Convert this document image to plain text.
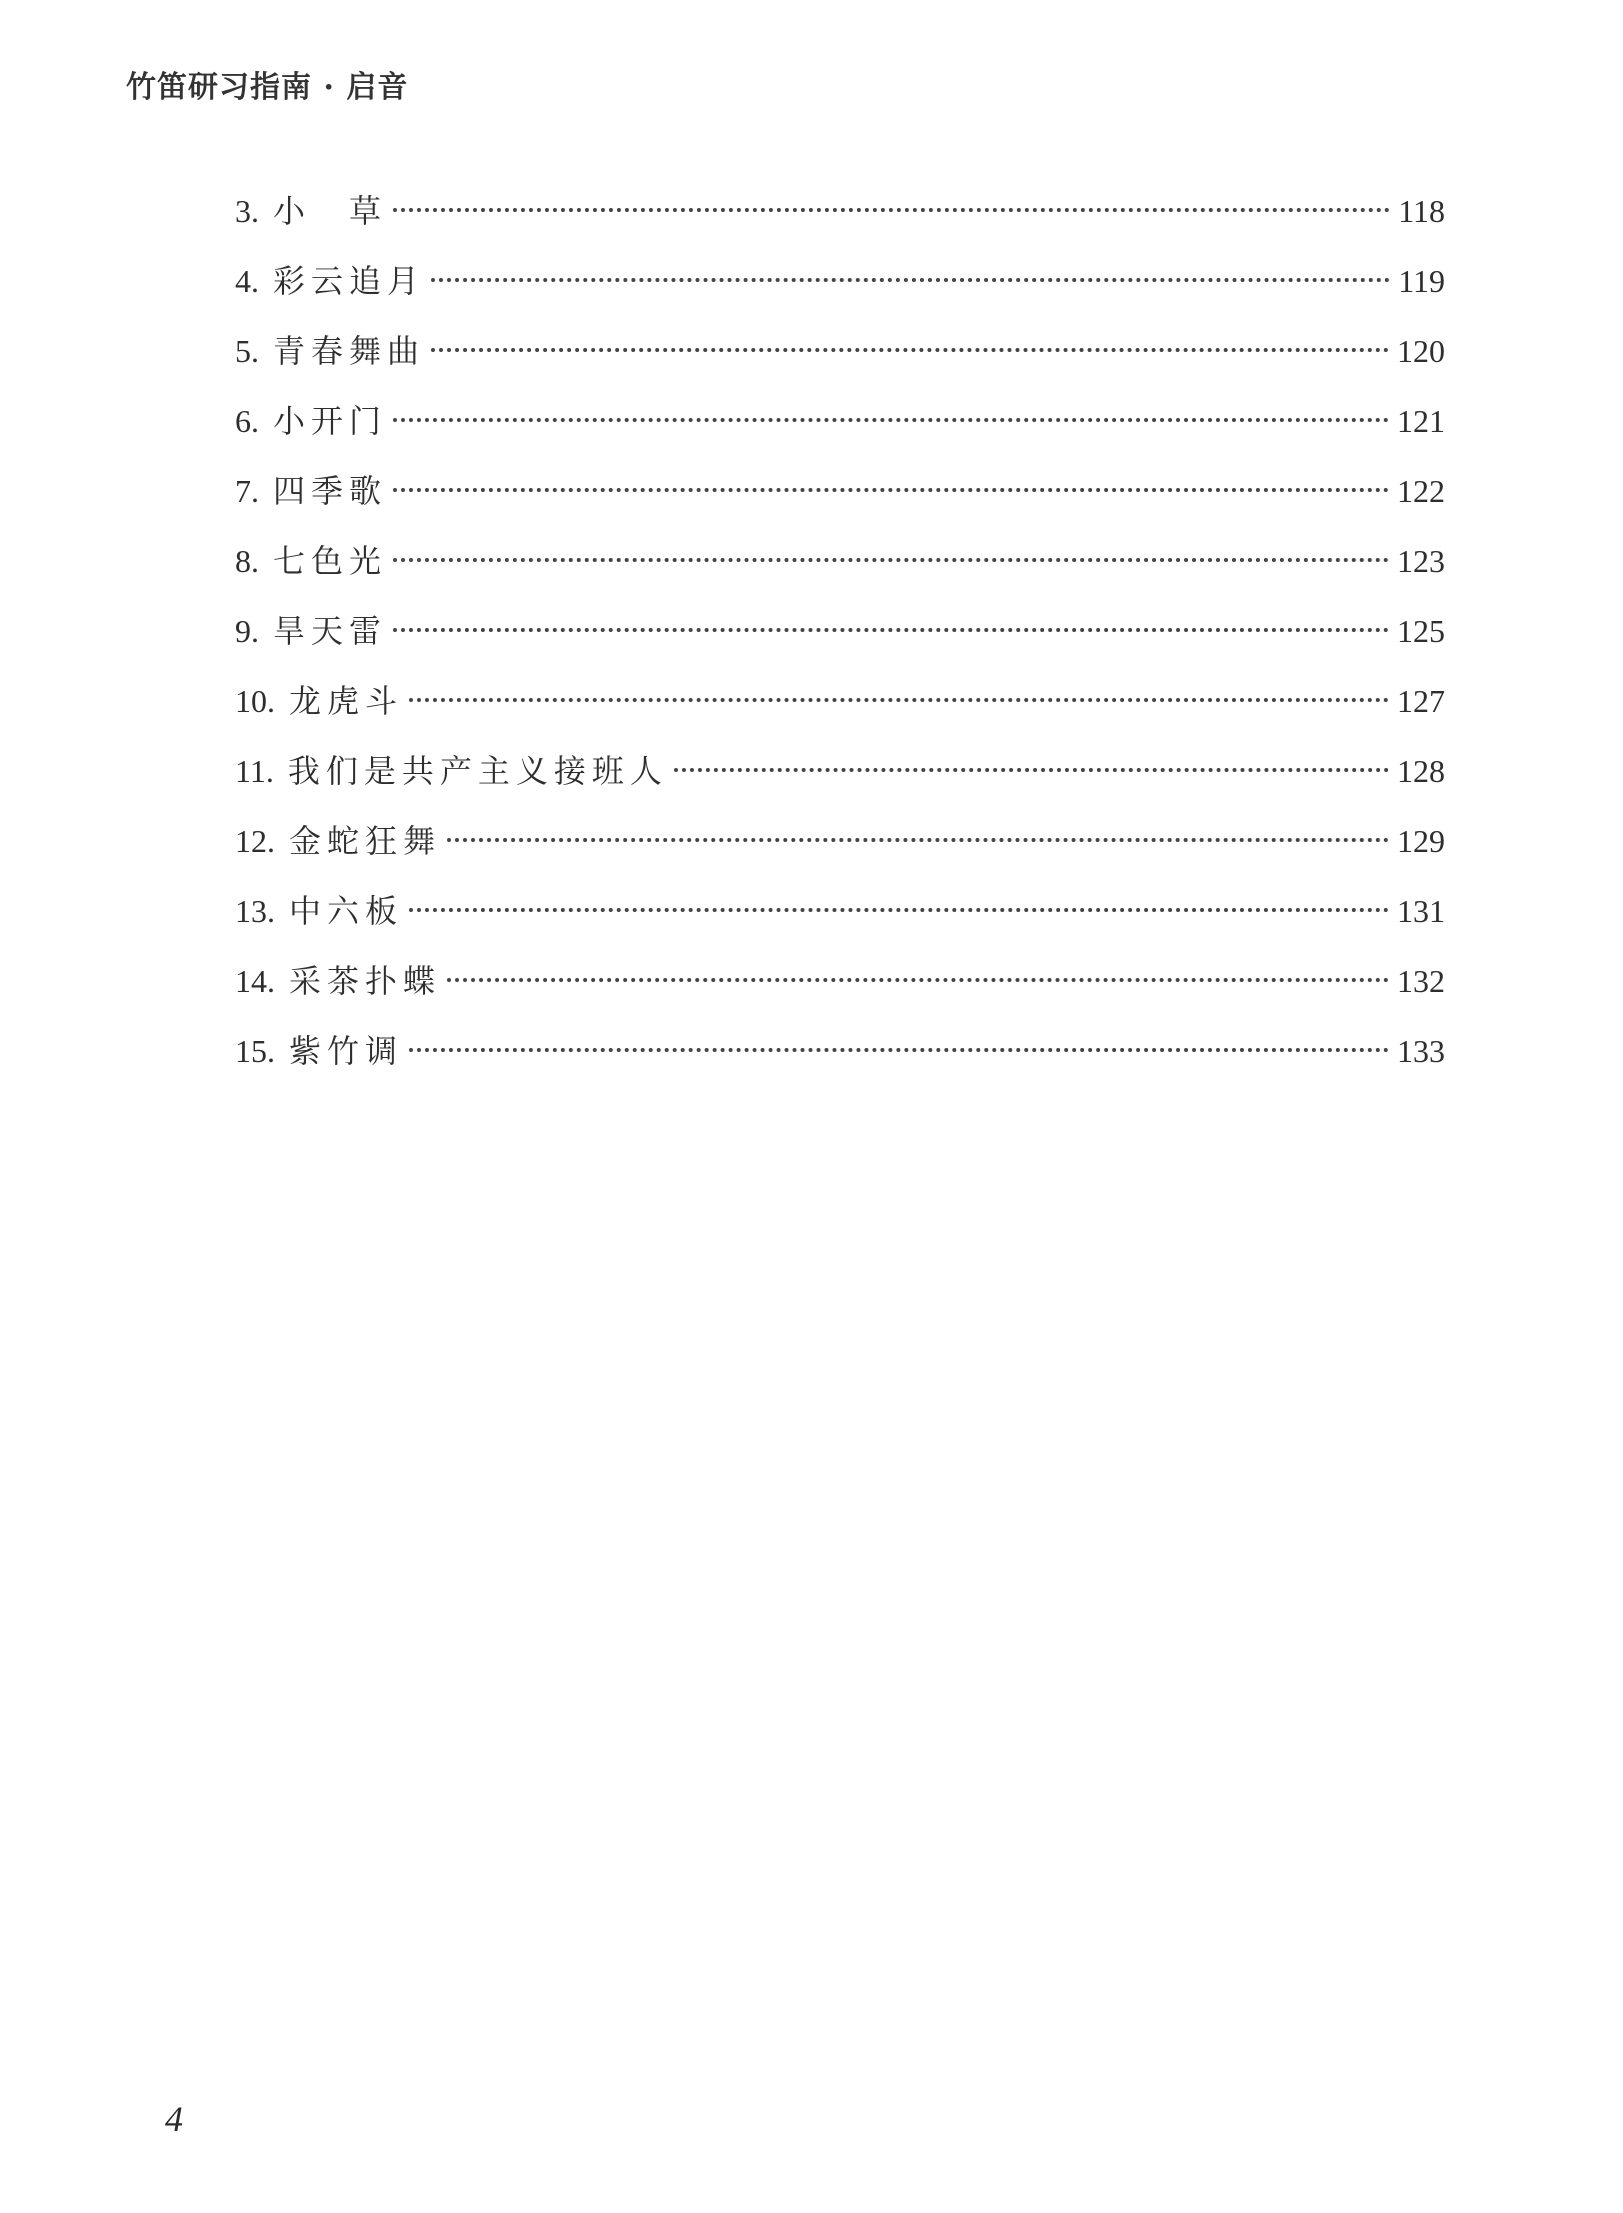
竹笛研习指南 · 启音
3. 小　草	118
4. 彩云追月	119
5. 青春舞曲	120
6. 小开门	121
7. 四季歌	122
8. 七色光	123
9. 旱天雷	125
10. 龙虎斗	127
11. 我们是共产主义接班人	128
12. 金蛇狂舞	129
13. 中六板	131
14. 采茶扑蝶	132
15. 紫竹调	133
4
